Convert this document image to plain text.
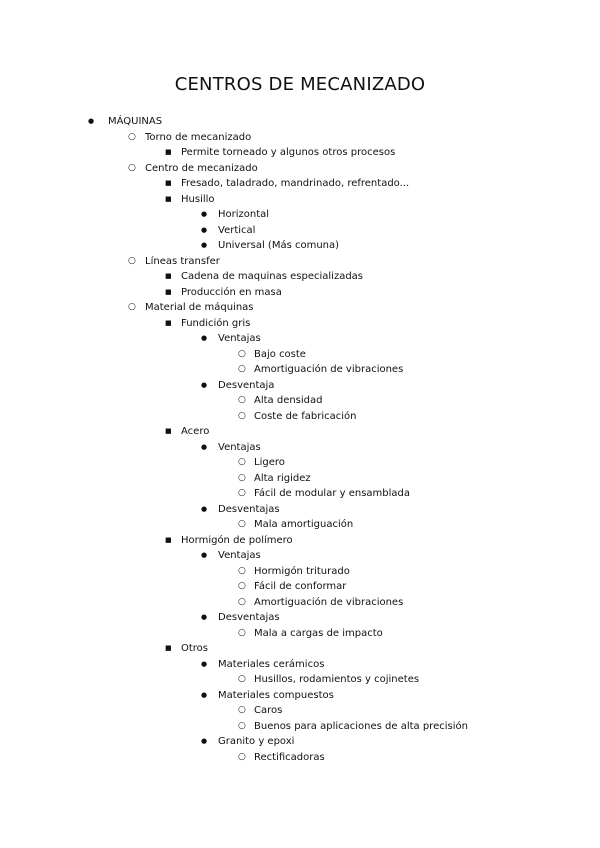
CENTROS DE MECANIZADO
●
MÁQUINAS
○
Torno de mecanizado
■
Permite torneado y algunos otros procesos
○
Centro de mecanizado
■
Fresado, taladrado, mandrinado, refrentado...
■
Husillo
●
Horizontal
●
Vertical
●
Universal (Más comuna)
○
Líneas transfer
■
Cadena de maquinas especializadas
■
Producción en masa
○
Material de máquinas
■
Fundición gris
●
Ventajas
○
Bajo coste
○
Amortiguación de vibraciones
●
Desventaja
○
Alta densidad
○
Coste de fabricación
■
Acero
●
Ventajas
○
Ligero
○
Alta rigidez
○
Fácil de modular y ensamblada
●
Desventajas
○
Mala amortiguación
■
Hormigón de polímero
●
Ventajas
○
Hormigón triturado
○
Fácil de conformar
○
Amortiguación de vibraciones
●
Desventajas
○
Mala a cargas de impacto
■
Otros
●
Materiales cerámicos
○
Husillos, rodamientos y cojinetes
●
Materiales compuestos
○
Caros
○
Buenos para aplicaciones de alta precisión
●
Granito y epoxi
○
Rectificadoras
